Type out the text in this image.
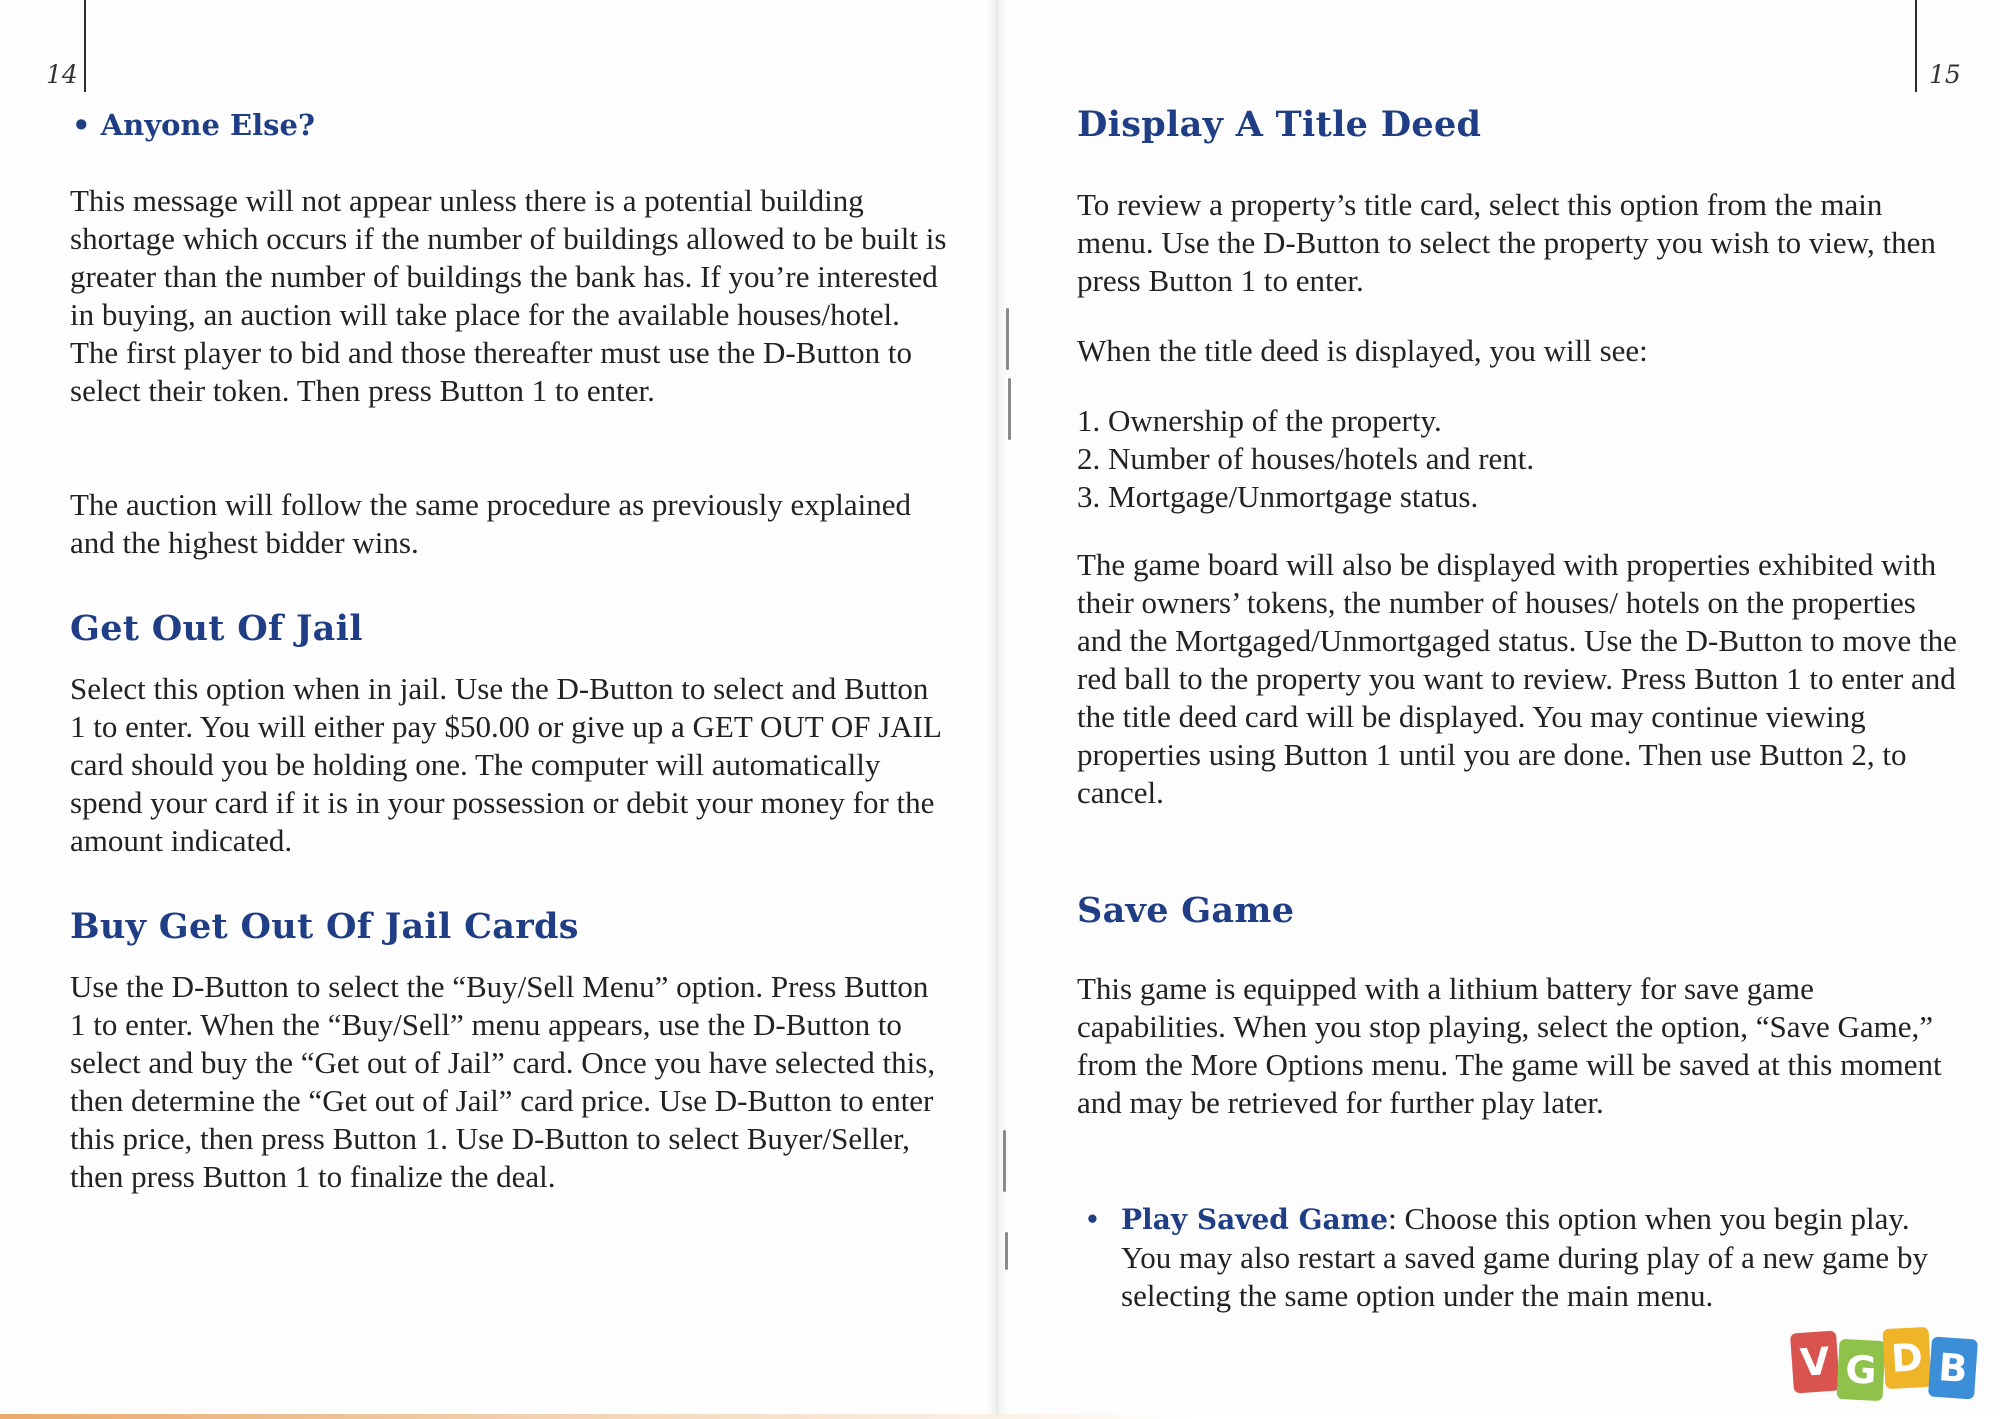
14
• Anyone Else?

This message will not appear unless there is a potential building shortage which occurs if the number of buildings allowed to be built is greater than the number of buildings the bank has. If you’re interested in buying, an auction will take place for the available houses/hotel. The first player to bid and those thereafter must use the D-Button to select their token. Then press Button 1 to enter.

The auction will follow the same procedure as previously explained and the highest bidder wins.

Get Out Of Jail

Select this option when in jail. Use the D-Button to select and Button 1 to enter. You will either pay $50.00 or give up a GET OUT OF JAIL card should you be holding one. The computer will automatically spend your card if it is in your possession or debit your money for the amount indicated.

Buy Get Out Of Jail Cards

Use the D-Button to select the “Buy/Sell Menu” option. Press Button 1 to enter. When the “Buy/Sell” menu appears, use the D-Button to select and buy the “Get out of Jail” card. Once you have selected this, then determine the “Get out of Jail” card price. Use D-Button to enter this price, then press Button 1. Use D-Button to select Buyer/Seller, then press Button 1 to finalize the deal.

15
Display A Title Deed

To review a property’s title card, select this option from the main menu. Use the D-Button to select the property you wish to view, then press Button 1 to enter.

When the title deed is displayed, you will see:

1. Ownership of the property.
2. Number of houses/hotels and rent.
3. Mortgage/Unmortgage status.

The game board will also be displayed with properties exhibited with their owners’ tokens, the number of houses/ hotels on the properties and the Mortgaged/Unmortgaged status. Use the D-Button to move the red ball to the property you want to review. Press Button 1 to enter and the title deed card will be displayed. You may continue viewing properties using Button 1 until you are done. Then use Button 2, to cancel.

Save Game

This game is equipped with a lithium battery for save game capabilities. When you stop playing, select the option, “Save Game,” from the More Options menu. The game will be saved at this moment and may be retrieved for further play later.

• Play Saved Game: Choose this option when you begin play. You may also restart a saved game during play of a new game by selecting the same option under the main menu.
V G D B
